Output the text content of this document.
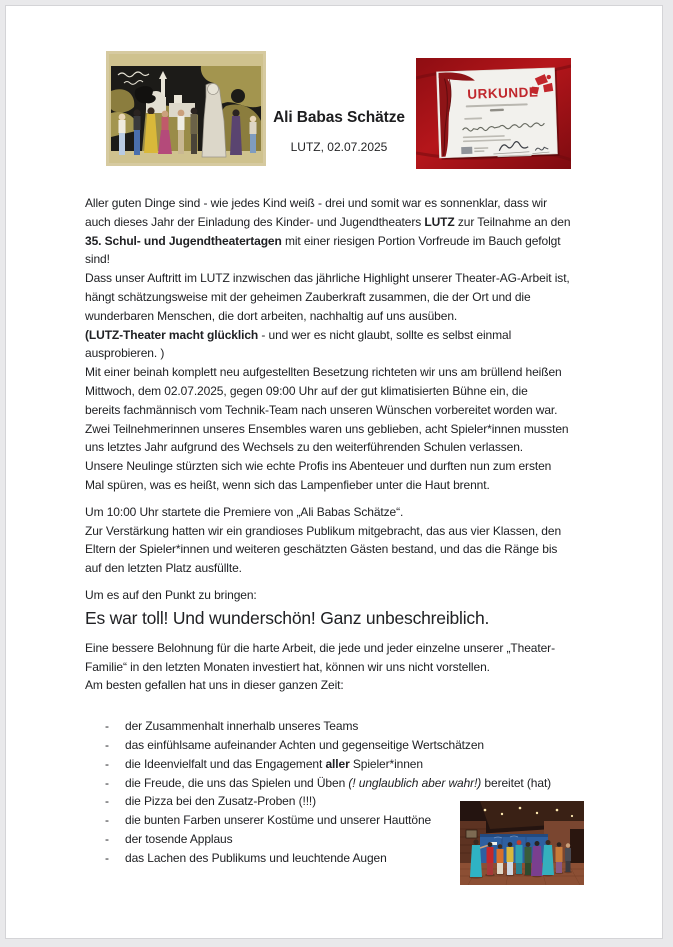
Ali Babas Schätze
LUTZ, 02.07.2025
URKUNDE
Aller guten Dinge sind - wie jedes Kind weiß - drei und somit war es sonnenklar, dass wir
auch dieses Jahr der Einladung des Kinder- und Jugendtheaters LUTZ zur Teilnahme an den
35. Schul- und Jugendtheatertagen mit einer riesigen Portion Vorfreude im Bauch gefolgt
sind!
Dass unser Auftritt im LUTZ inzwischen das jährliche Highlight unserer Theater-AG-Arbeit ist,
hängt schätzungsweise mit der geheimen Zauberkraft zusammen, die der Ort und die
wunderbaren Menschen, die dort arbeiten, nachhaltig auf uns ausüben.
(LUTZ-Theater macht glücklich - und wer es nicht glaubt, sollte es selbst einmal
ausprobieren. )
Mit einer beinah komplett neu aufgestellten Besetzung richteten wir uns am brüllend heißen
Mittwoch, dem 02.07.2025, gegen 09:00 Uhr auf der gut klimatisierten Bühne ein, die
bereits fachmännisch vom Technik-Team nach unseren Wünschen vorbereitet worden war.
Zwei Teilnehmerinnen unseres Ensembles waren uns geblieben, acht Spieler*innen mussten
uns letztes Jahr aufgrund des Wechsels zu den weiterführenden Schulen verlassen.
Unsere Neulinge stürzten sich wie echte Profis ins Abenteuer und durften nun zum ersten
Mal spüren, was es heißt, wenn sich das Lampenfieber unter die Haut brennt.
Um 10:00 Uhr startete die Premiere von „Ali Babas Schätze“.
Zur Verstärkung hatten wir ein grandioses Publikum mitgebracht, das aus vier Klassen, den
Eltern der Spieler*innen und weiteren geschätzten Gästen bestand, und das die Ränge bis
auf den letzten Platz ausfüllte.
Um es auf den Punkt zu bringen:
Es war toll! Und wunderschön! Ganz unbeschreiblich.
Eine bessere Belohnung für die harte Arbeit, die jede und jeder einzelne unserer „Theater-
Familie“ in den letzten Monaten investiert hat, können wir uns nicht vorstellen.
Am besten gefallen hat uns in dieser ganzen Zeit:
- der Zusammenhalt innerhalb unseres Teams
- das einfühlsame aufeinander Achten und gegenseitige Wertschätzen
- die Ideenvielfalt und das Engagement aller Spieler*innen
- die Freude, die uns das Spielen und Üben (! unglaublich aber wahr!) bereitet (hat)
- die Pizza bei den Zusatz-Proben (!!!)
- die bunten Farben unserer Kostüme und unserer Hauttöne
- der tosende Applaus
- das Lachen des Publikums und leuchtende Augen
